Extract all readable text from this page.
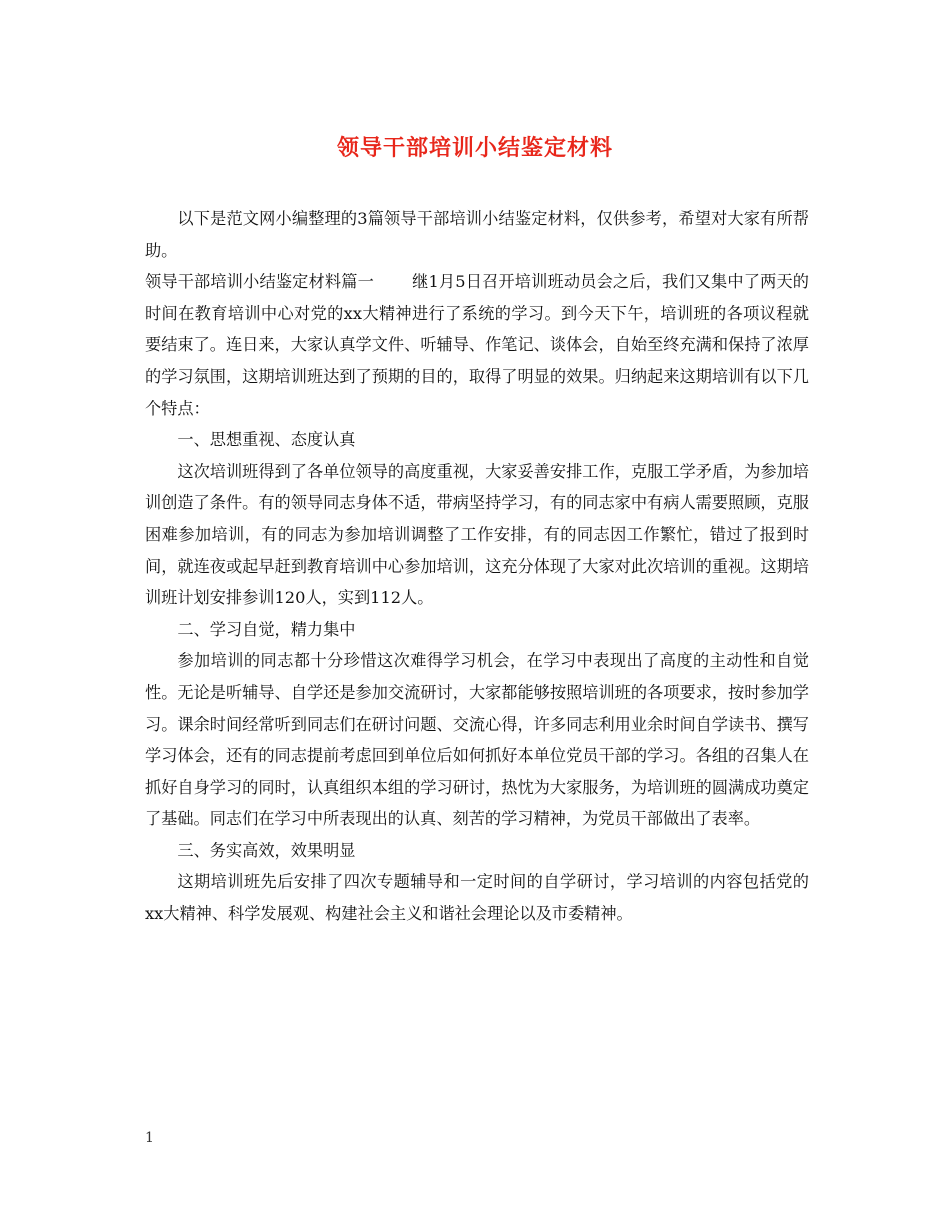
领导干部培训小结鉴定材料

以下是范文网小编整理的3篇领导干部培训小结鉴定材料，仅供参考，希望对大家有所帮助。

领导干部培训小结鉴定材料篇一 继1月5日召开培训班动员会之后，我们又集中了两天的时间在教育培训中心对党的xx大精神进行了系统的学习。到今天下午，培训班的各项议程就要结束了。连日来，大家认真学文件、听辅导、作笔记、谈体会，自始至终充满和保持了浓厚的学习氛围，这期培训班达到了预期的目的，取得了明显的效果。归纳起来这期培训有以下几个特点：

一、思想重视、态度认真

这次培训班得到了各单位领导的高度重视，大家妥善安排工作，克服工学矛盾，为参加培训创造了条件。有的领导同志身体不适，带病坚持学习，有的同志家中有病人需要照顾，克服困难参加培训，有的同志为参加培训调整了工作安排，有的同志因工作繁忙，错过了报到时间，就连夜或起早赶到教育培训中心参加培训，这充分体现了大家对此次培训的重视。这期培训班计划安排参训120人，实到112人。

二、学习自觉，精力集中

参加培训的同志都十分珍惜这次难得学习机会，在学习中表现出了高度的主动性和自觉性。无论是听辅导、自学还是参加交流研讨，大家都能够按照培训班的各项要求，按时参加学习。课余时间经常听到同志们在研讨问题、交流心得，许多同志利用业余时间自学读书、撰写学习体会，还有的同志提前考虑回到单位后如何抓好本单位党员干部的学习。各组的召集人在抓好自身学习的同时，认真组织本组的学习研讨，热忱为大家服务，为培训班的圆满成功奠定了基础。同志们在学习中所表现出的认真、刻苦的学习精神，为党员干部做出了表率。

三、务实高效，效果明显

这期培训班先后安排了四次专题辅导和一定时间的自学研讨，学习培训的内容包括党的xx大精神、科学发展观、构建社会主义和谐社会理论以及市委精神。

1
